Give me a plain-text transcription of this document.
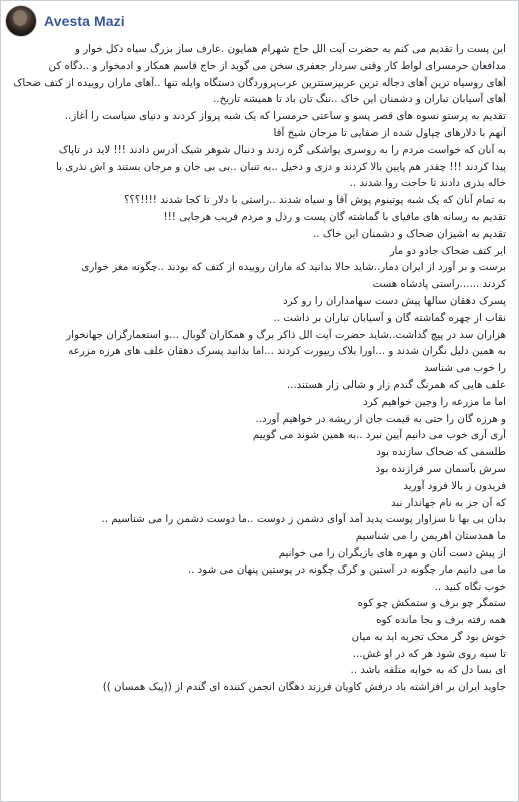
Avesta Mazi
این پست را تقدیم می کنم به حضرت آیت الل حاج شهرام همایون .عارف ساز بزرگ سیاه دکل خوار و
مدافعان حرمسرای لواط کار وقتی سردار جعفری سخن می گوید از حاج قاسم همکار و ادمخوار و ..دگاه کن
آهای روسیاه ترین آهای دجاله ترین عربپرستترین عرب‌پروردگان دستگاه وایله تنها ..آهای ماران روییده از کتف ضحاک
آهای آسیابان تباران و دشمنان این خاک ..ننگ تان باد تا همیشه تاریخ..
تقدیم به پرستو نسوه های قصر پسو و ساعتی حرمسرا که یک شبه پرواز کردند و دنیای سیاست را آغاز..
آنهم با دلارهای چپاول شده از صفایی تا مرجان شیخ آقا
به آنان که خواست مردم را به روسری یواشکی گره زدند و دنبال شوهر شیک آدرس دادند !!! لاید در تاپاک
پیدا کردند !!! چقدر هم پایین بالا کردند و دزی و دخیل ..به تنبان ..بی بی جان و مرجان بستند و اش نذری با
خاله بذری دادند تا حاجت روا شدند ..
به تمام آنان که یک شبه پوتینوم پوش آقا و سیاه شدند ..راستی با دلار تا کجا شدند !!!!؟؟؟
تقدیم به رسانه های مافیای با گماشته گان پست و رذل و مردم فریب هرجایی !!!
تقدیم به اشیزان ضحاک و دشمنان این خاک ..
ایر کتف ضحاک جادو دو مار
برست و بر آورد از ایران دمار..شاید حالا بدانید که ماران روییده از کتف که بودند ..چگونه مغز خواری
کردند ......راستی پادشاه هست
پسرک دهقان سالها پیش دست سهامداران را رو کرد
نقاب از چهره گماشته گان و آسیابان تباران بر داشت ..
هزاران سد در پیچ گذاشت..شاید حضرت آیت الل ذاکر برگ و همکاران گوبال ...و استعمارگران جهانخوار
به همین دلیل نگران شدند و ...اورا بلاک ریپورت کردند ...اما بدانید پسرک دهقان علف های هرزه مزرعه
را خوب می شناسد
علف هایی که همرنگ گندم زار و شالی زار هستند...
اما ما مزرعه را وجین خواهیم کرد
و هرزه گان را حتی به قیمت جان از ریشه در خواهیم آورد..
آری آری خوب می دانیم آیین نبرد ..به همین شوند می گوییم
طلسمی که ضحاک سازنده بود
سرش بآسمان سر فرازنده بود
فریدون ز بالا فرود آورید
که آن جز به نام جهاندار نبد
بدان بی بها نا سزاوار پوست پدید آمد آوای دشمن ز دوست ..ما دوست دشمن را می شناسیم ..
ما همدستان اهریمن را می شناسیم
از پیش دست آنان و مهره های بازیگران را می خوانیم
ما می دانیم مار چگونه در آستین و گرگ چگونه در پوستین پنهان می شود ..
خوب نگاه کنید ..
ستمگر چو برف و ستمکش چو کوه
همه رفته برف و بجا مانده کوه
خوش بود گر محک تجربه اید به میان
تا سیه روی شود هر که در او غش...
ای بسا دل که به خوابه متلفه باشد ..
جاوید ایران بر افراشته باد درفش کاویان فرزند دهگان انجمن کننده ای گندم از ((پیک همسان ))
